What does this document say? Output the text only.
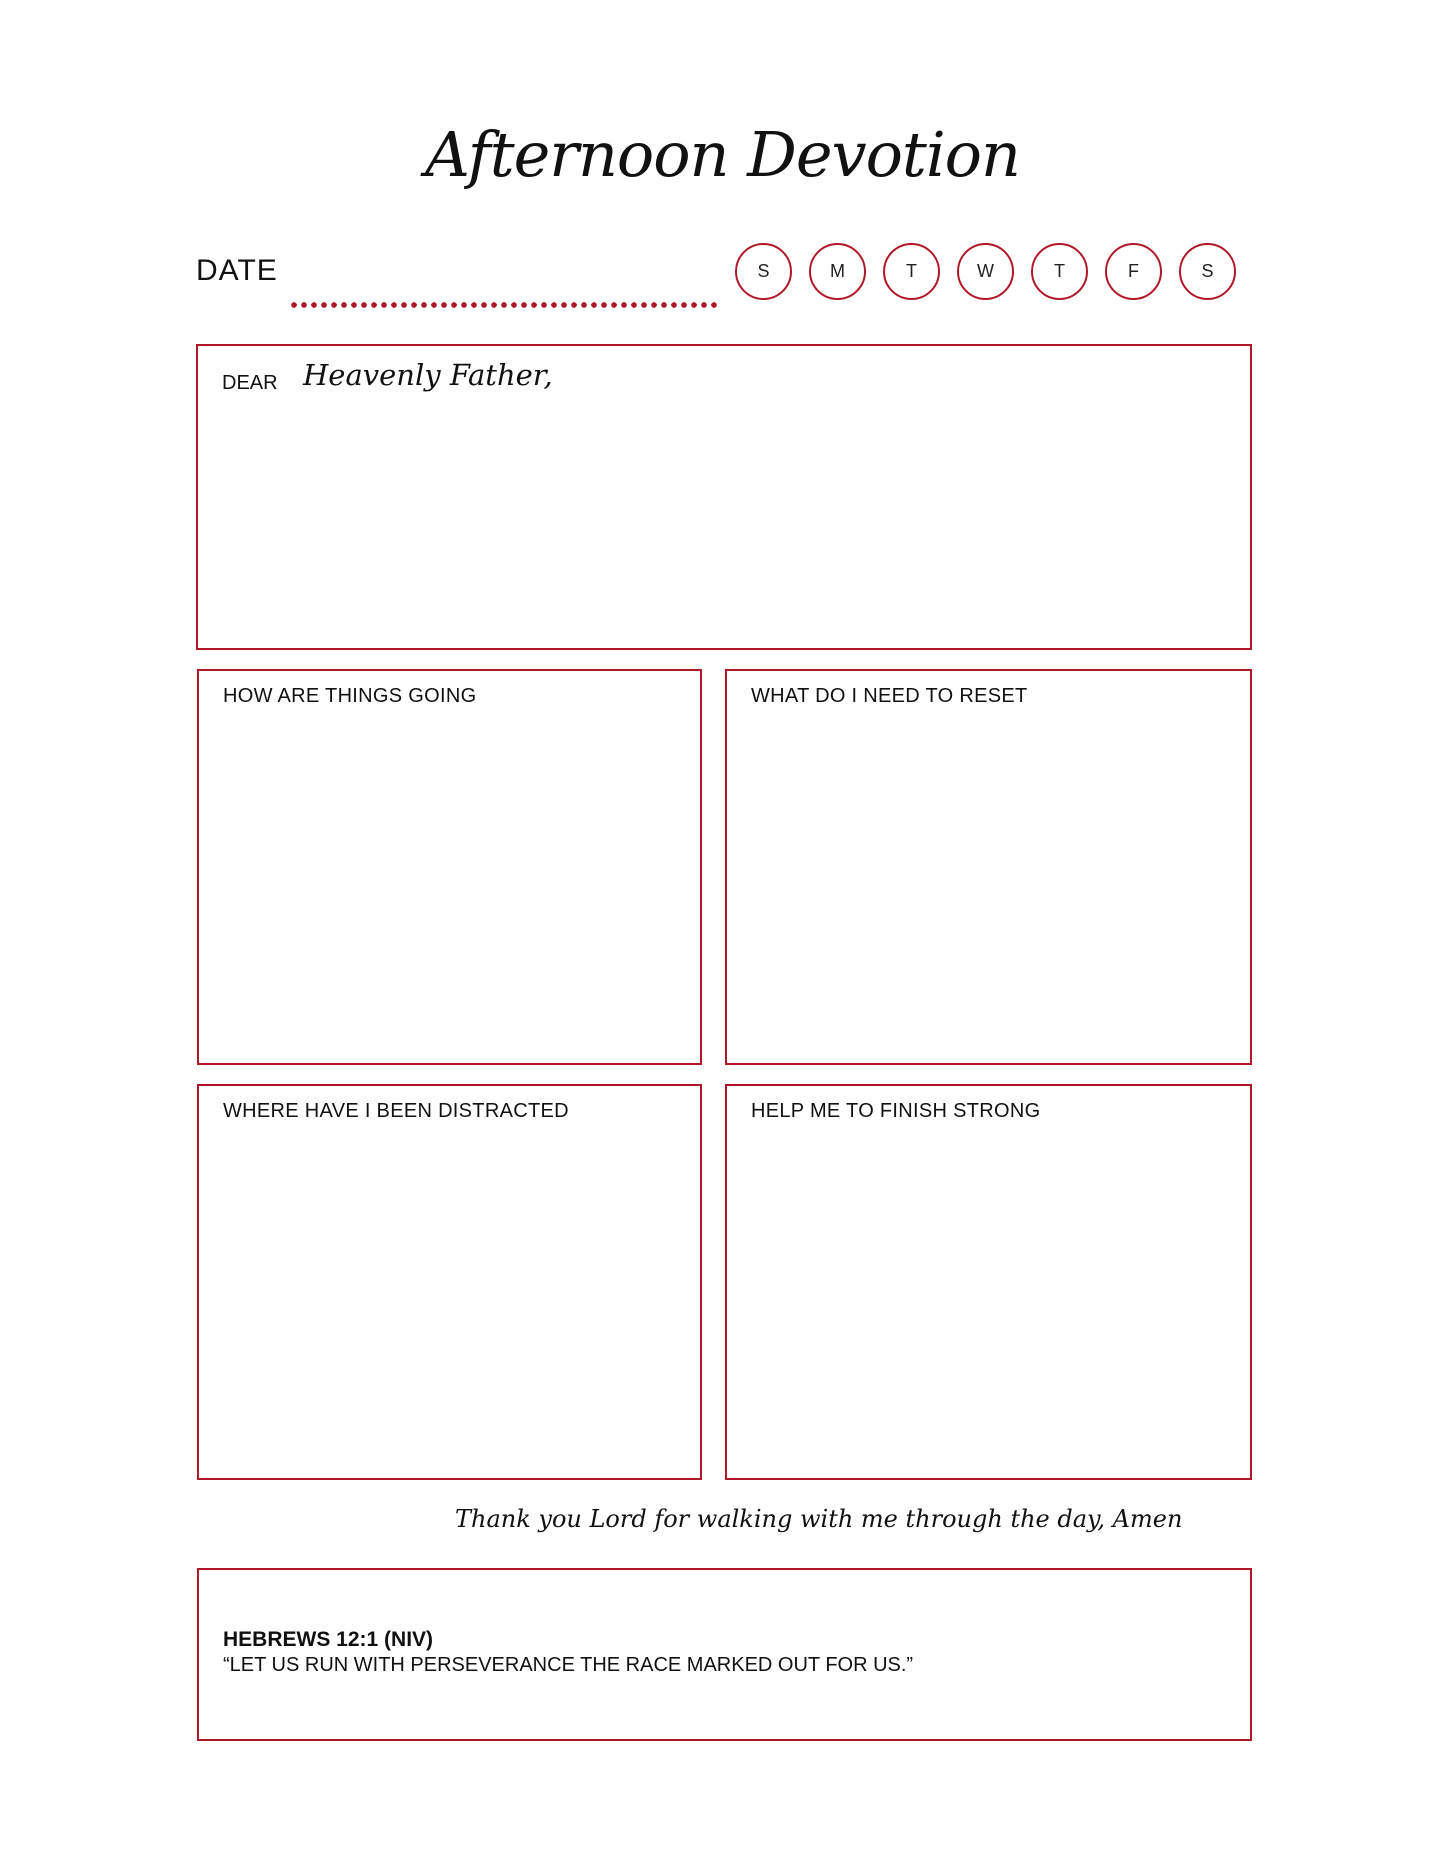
Afternoon Devotion
DATE	S	M	T	W	T	F	S
DEAR Heavenly Father,
HOW ARE THINGS GOING	WHAT DO I NEED TO RESET
WHERE HAVE I BEEN DISTRACTED	HELP ME TO FINISH STRONG
Thank you Lord for walking with me through the day, Amen
HEBREWS 12:1 (NIV)
“LET US RUN WITH PERSEVERANCE THE RACE MARKED OUT FOR US.”
